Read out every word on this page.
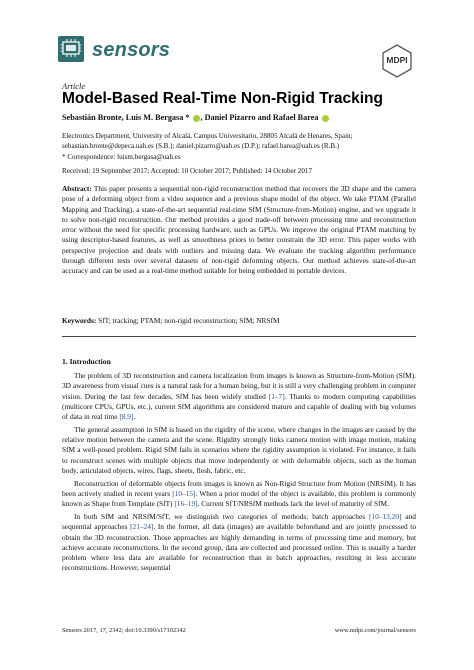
sensors	MDPI
Article
Model-Based Real-Time Non-Rigid Tracking
Sebastián Bronte, Luis M. Bergasa * , Daniel Pizarro and Rafael Barea
Electronics Department, University of Alcalá, Campus Universitario, 28805 Alcalá de Henares, Spain;
sebastian.bronte@depeca.uah.es (S.B.); daniel.pizarro@uah.es (D.P.); rafael.barea@uah.es (R.B.)
* Correspondence: luism.bergasa@uah.es
Received: 19 September 2017; Accepted: 10 October 2017; Published: 14 October 2017
Abstract: This paper presents a sequential non-rigid reconstruction method that recovers the 3D shape and the camera pose of a deforming object from a video sequence and a previous shape model of the object. We take PTAM (Parallel Mapping and Tracking), a state-of-the-art sequential real-time SfM (Structure-from-Motion) engine, and we upgrade it to solve non-rigid reconstruction. Our method provides a good trade-off between processing time and reconstruction error without the need for specific processing hardware, such as GPUs. We improve the original PTAM matching by using descriptor-based features, as well as smoothness priors to better constrain the 3D error. This paper works with perspective projection and deals with outliers and missing data. We evaluate the tracking algorithm performance through different tests over several datasets of non-rigid deforming objects. Our method achieves state-of-the-art accuracy and can be used as a real-time method suitable for being embedded in portable devices.
Keywords: SfT; tracking; PTAM; non-rigid reconstruction; SfM; NRSfM
1. Introduction

The problem of 3D reconstruction and camera localization from images is known as Structure-from-Motion (SfM). 3D awareness from visual cues is a natural task for a human being, but it is still a very challenging problem in computer vision. During the last few decades, SfM has been widely studied [1–7]. Thanks to modern computing capabilities (multicore CPUs, GPUs, etc.), current SfM algorithms are considered mature and capable of dealing with big volumes of data in real time [8,9].

The general assumption in SfM is based on the rigidity of the scene, where changes in the images are caused by the relative motion between the camera and the scene. Rigidity strongly links camera motion with image motion, making SfM a well-posed problem. Rigid SfM fails in scenarios where the rigidity assumption is violated. For instance, it fails to reconstruct scenes with multiple objects that move independently or with deformable objects, such as the human body, articulated objects, wires, flags, sheets, flesh, fabric, etc.

Reconstruction of deformable objects from images is known as Non-Rigid Structure from Motion (NRSfM). It has been actively studied in recent years [10–15]. When a prior model of the object is available, this problem is commonly known as Shape from Template (SfT) [16–19]. Current SfT/NRSfM methods lack the level of maturity of SfM.

In both SfM and NRSfM/SfT, we distinguish two categories of methods: batch approaches [10–13,20] and sequential approaches [21–24]. In the former, all data (images) are available beforehand and are jointly processed to obtain the 3D reconstruction. Those approaches are highly demanding in terms of processing time and memory, but achieve accurate reconstructions. In the second group, data are collected and processed online. This is usually a harder problem where less data are available for reconstruction than in batch approaches, resulting in less accurate reconstructions. However, sequential

Sensors 2017, 17, 2342; doi:10.3390/s17102342	www.mdpi.com/journal/sensors
